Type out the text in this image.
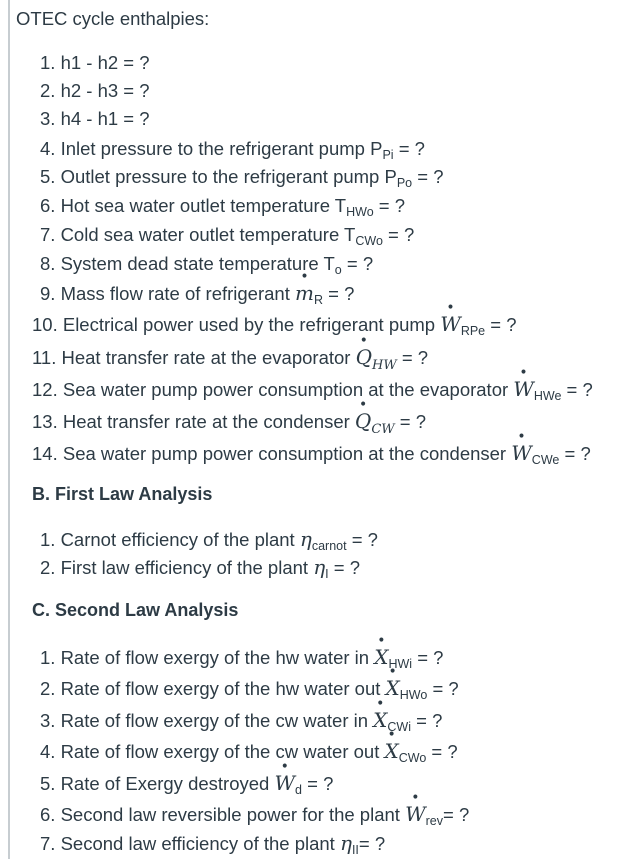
OTEC cycle enthalpies:
1. h1 - h2 = ?
2. h2 - h3 = ?
3. h4 - h1 = ?
4. Inlet pressure to the refrigerant pump $P_{Pi}$ = ?
5. Outlet pressure to the refrigerant pump $P_{Po}$ = ?
6. Hot sea water outlet temperature $T_{HWo}$ = ?
7. Cold sea water outlet temperature $T_{CWo}$ = ?
8. System dead state temperature $T_o$ = ?
9. Mass flow rate of refrigerant • $m_R$ = ?
10. Electrical power used by the refrigerant pump • $W_{RPe}$ = ?
11. Heat transfer rate at the evaporator • $Q_{HW}$ = ?
12. Sea water pump power consumption at the evaporator • $W_{HWe}$ = ?
13. Heat transfer rate at the condenser • $Q_{CW}$ = ?
14. Sea water pump power consumption at the condenser • $W_{CWe}$ = ?
B. First Law Analysis
1. Carnot efficiency of the plant $\eta_{carnot}$ = ?
2. First law efficiency of the plant $\eta_I$ = ?
C. Second Law Analysis
1. Rate of flow exergy of the hw water in • $X_{HWi}$ = ?
2. Rate of flow exergy of the hw water out • $X_{HWo}$ = ?
3. Rate of flow exergy of the cw water in • $X_{CWi}$ = ?
4. Rate of flow exergy of the cw water out • $X_{CWo}$ = ?
5. Rate of Exergy destroyed • $W_d$ = ?
6. Second law reversible power for the plant • $W_{rev}=$ ?
7. Second law efficiency of the plant $\eta_{II}=$ ?
